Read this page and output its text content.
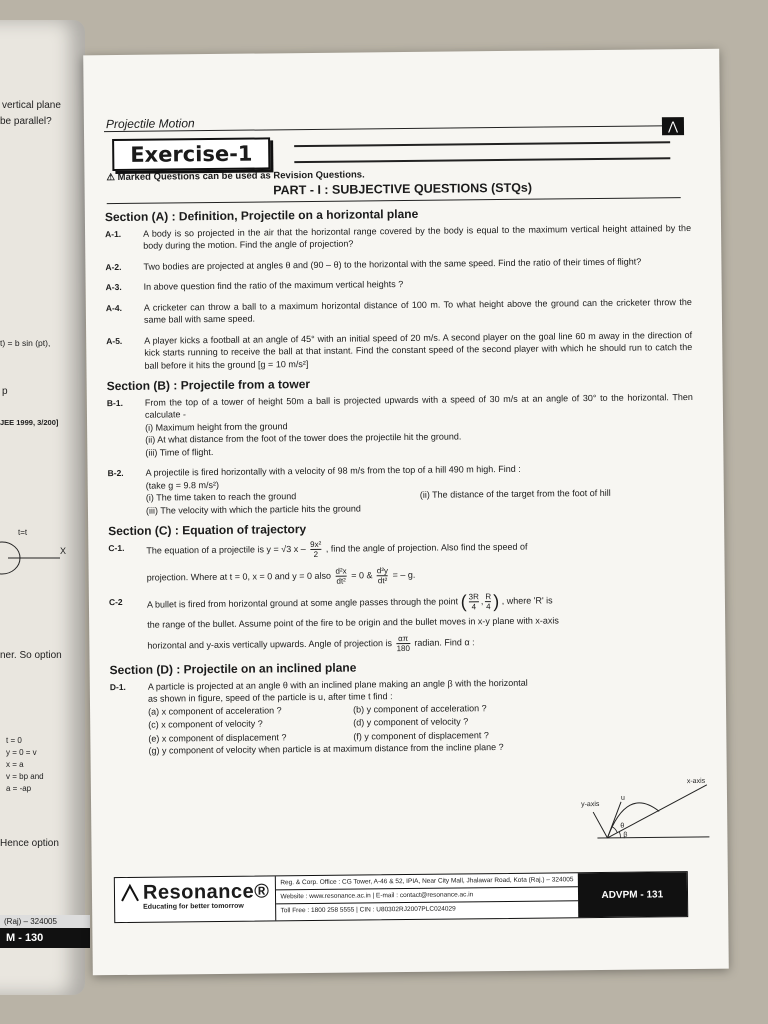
vertical plane
be parallel?
t) = b sin (pt),
p
JEE 1999, 3/200]
t=t
X
ner. So option
t = 0
y = 0 = v
x = a
v = bp and
a = -ap
Hence option
(Raj) – 324005
M - 130
Projectile Motion	⋀
Exercise-1
⚠ Marked Questions can be used as Revision Questions.
PART - I : SUBJECTIVE QUESTIONS (STQs)
Section (A) : Definition, Projectile on a horizontal plane
A-1.	A body is so projected in the air that the horizontal range covered by the body is equal to the maximum vertical height attained by the body during the motion. Find the angle of projection?
A-2.	Two bodies are projected at angles θ and (90 – θ) to the horizontal with the same speed. Find the ratio of their times of flight?
A-3.	In above question find the ratio of the maximum vertical heights ?
A-4.	A cricketer can throw a ball to a maximum horizontal distance of 100 m. To what height above the ground can the cricketer throw the same ball with same speed.
A-5.	A player kicks a football at an angle of 45° with an initial speed of 20 m/s. A second player on the goal line 60 m away in the direction of kick starts running to receive the ball at that instant. Find the constant speed of the second player with which he should run to catch the ball before it hits the ground [g = 10 m/s²]
Section (B) : Projectile from a tower
B-1.	From the top of a tower of height 50m a ball is projected upwards with a speed of 30 m/s at an angle of 30° to the horizontal. Then calculate -
(i) Maximum height from the ground
(ii) At what distance from the foot of the tower does the projectile hit the ground.
(iii) Time of flight.
B-2.	A projectile is fired horizontally with a velocity of 98 m/s from the top of a hill 490 m high. Find :
(take g = 9.8 m/s²)
(i) The time taken to reach the ground	(ii) The distance of the target from the foot of hill
(iii) The velocity with which the particle hits the ground
Section (C) : Equation of trajectory
C-1.	The equation of a projectile is y = √3 x – $\frac{\text{9x²}}{2}$ , find the angle of projection. Also find the speed of
projection. Where at t = 0, x = 0 and y = 0 also $\frac{\text{d²x}}{\text{dt²}} = 0$ & $\frac{\text{d²y}}{\text{dt²}}$ = – g.
C-2	A bullet is fired from horizontal ground at some angle passes through the point ( $\frac{3R}{4}$ , $\frac{R}{4}$ ) , where 'R' is
the range of the bullet. Assume point of the fire to be origin and the bullet moves in x-y plane with x-axis
horizontal and y-axis vertically upwards. Angle of projection is $\frac{\alpha\pi}{180}$ radian. Find α :
Section (D) : Projectile on an inclined plane
D-1.	A particle is projected at an angle θ with an inclined plane making an angle β with the horizontal as shown in figure, speed of the particle is u, after time t find :
(a) x component of acceleration ?	(b) y component of acceleration ?
(c) x component of velocity ?	(d) y component of velocity ?
(e) x component of displacement ?	(f) y component of displacement ?
(g) y component of velocity when particle is at maximum distance from the incline plane ?
x-axis
y-axis
u
θ
β
Resonance®
Educating for better tomorrow
Reg. & Corp. Office : CG Tower, A-46 & 52, IPIA, Near City Mall, Jhalawar Road, Kota (Raj.) – 324005
Website : www.resonance.ac.in | E-mail : contact@resonance.ac.in
Toll Free : 1800 258 5555 | CIN : U80302RJ2007PLC024029
ADVPM - 131
